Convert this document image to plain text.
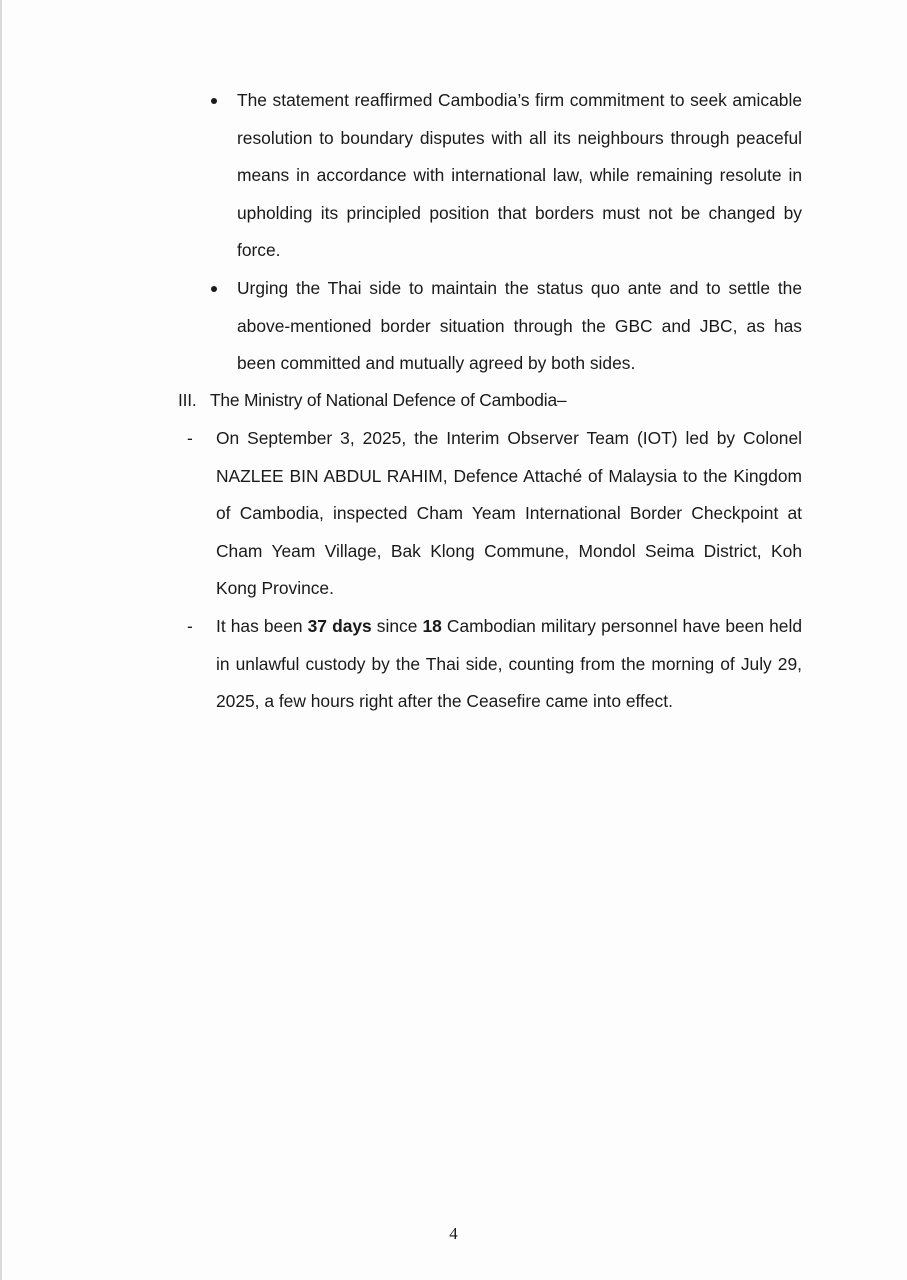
The statement reaffirmed Cambodia’s firm commitment to seek amicable resolution to boundary disputes with all its neighbours through peaceful means in accordance with international law, while remaining resolute in upholding its principled position that borders must not be changed by force.
Urging the Thai side to maintain the status quo ante and to settle the above-mentioned border situation through the GBC and JBC, as has been committed and mutually agreed by both sides.
III. The Ministry of National Defence of Cambodia–
- On September 3, 2025, the Interim Observer Team (IOT) led by Colonel NAZLEE BIN ABDUL RAHIM, Defence Attaché of Malaysia to the Kingdom of Cambodia, inspected Cham Yeam International Border Checkpoint at Cham Yeam Village, Bak Klong Commune, Mondol Seima District, Koh Kong Province.
- It has been 37 days since 18 Cambodian military personnel have been held in unlawful custody by the Thai side, counting from the morning of July 29, 2025, a few hours right after the Ceasefire came into effect.
4
